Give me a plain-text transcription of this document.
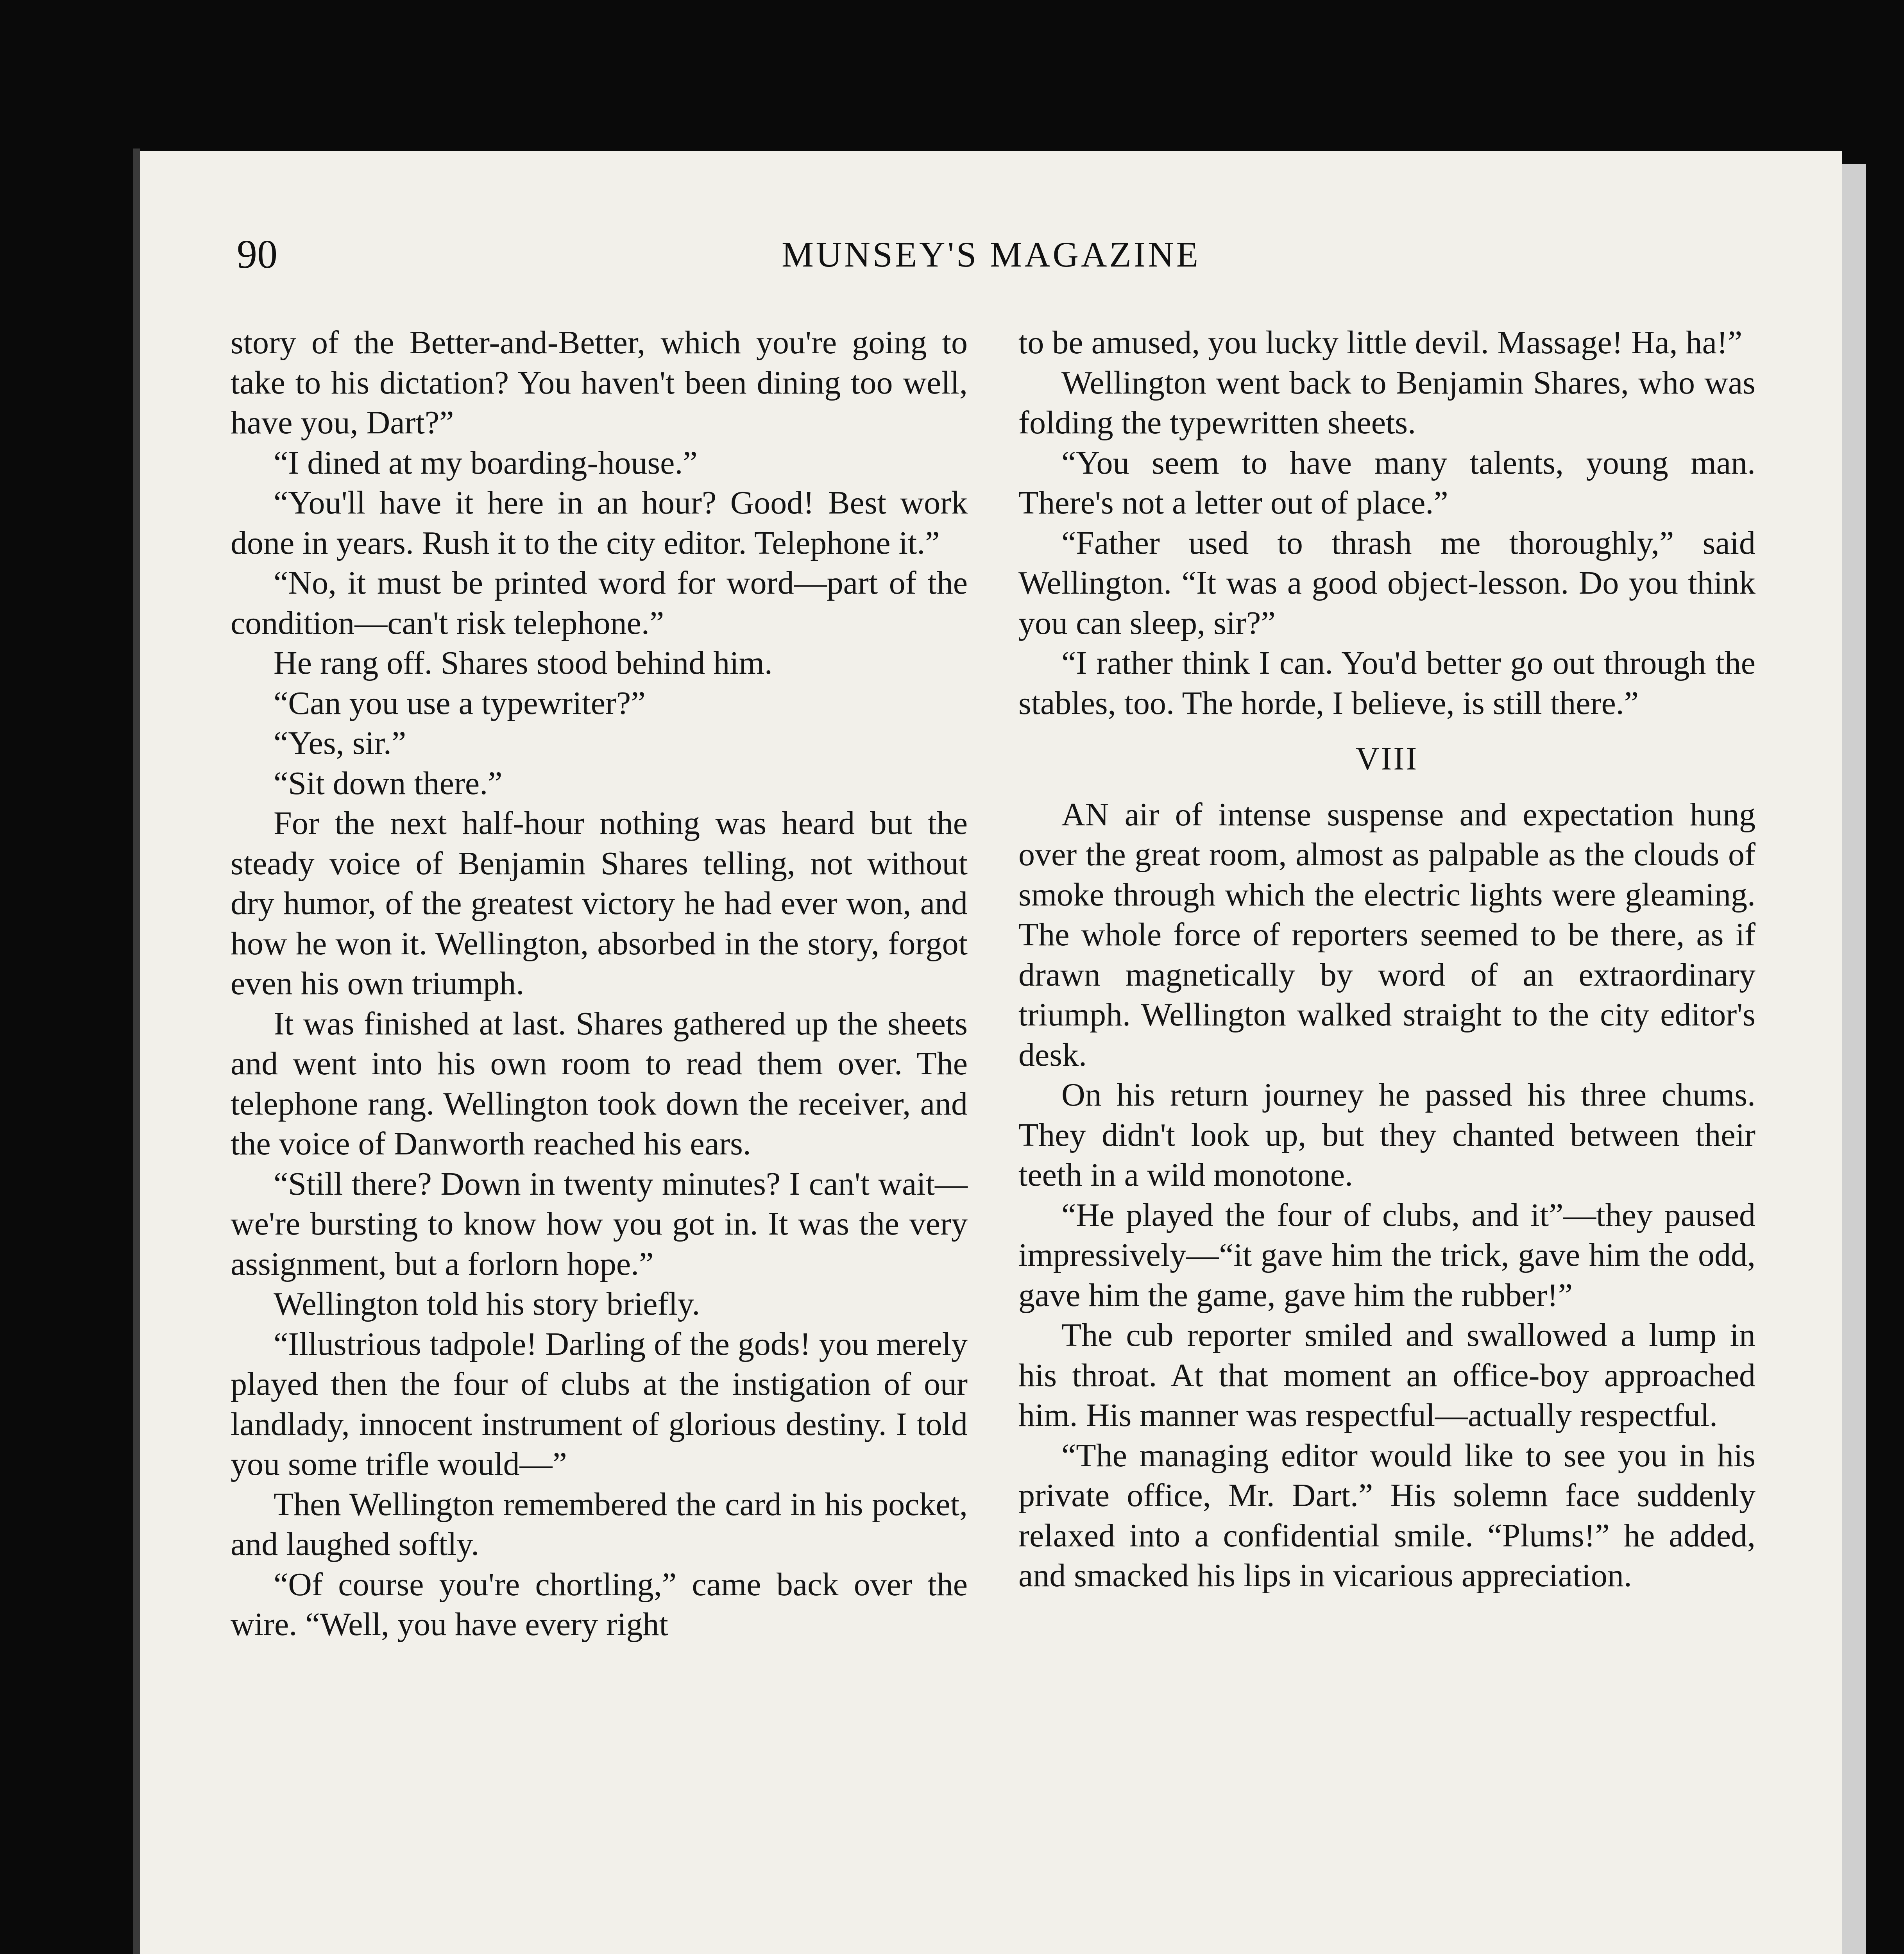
90	MUNSEY'S MAGAZINE

story of the Better-and-Better, which you're going to take to his dictation? You haven't been dining too well, have you, Dart?”

“I dined at my boarding-house.”

“You'll have it here in an hour? Good! Best work done in years. Rush it to the city editor. Telephone it.”

“No, it must be printed word for word—part of the condition—can't risk telephone.”

He rang off. Shares stood behind him.

“Can you use a typewriter?”

“Yes, sir.”

“Sit down there.”

For the next half-hour nothing was heard but the steady voice of Benjamin Shares telling, not without dry humor, of the greatest victory he had ever won, and how he won it. Wellington, absorbed in the story, forgot even his own triumph.

It was finished at last. Shares gathered up the sheets and went into his own room to read them over. The telephone rang. Wellington took down the receiver, and the voice of Danworth reached his ears.

“Still there? Down in twenty minutes? I can't wait—we're bursting to know how you got in. It was the very assignment, but a forlorn hope.”

Wellington told his story briefly.

“Illustrious tadpole! Darling of the gods! you merely played then the four of clubs at the instigation of our landlady, innocent instrument of glorious destiny. I told you some trifle would—”

Then Wellington remembered the card in his pocket, and laughed softly.

“Of course you're chortling,” came back over the wire. “Well, you have every right

to be amused, you lucky little devil. Massage! Ha, ha!”

Wellington went back to Benjamin Shares, who was folding the typewritten sheets.

“You seem to have many talents, young man. There's not a letter out of place.”

“Father used to thrash me thoroughly,” said Wellington. “It was a good object-lesson. Do you think you can sleep, sir?”

“I rather think I can. You'd better go out through the stables, too. The horde, I believe, is still there.”

VIII

AN air of intense suspense and expectation hung over the great room, almost as palpable as the clouds of smoke through which the electric lights were gleaming. The whole force of reporters seemed to be there, as if drawn magnetically by word of an extraordinary triumph. Wellington walked straight to the city editor's desk.

On his return journey he passed his three chums. They didn't look up, but they chanted between their teeth in a wild monotone.

“He played the four of clubs, and it”—they paused impressively—“it gave him the trick, gave him the odd, gave him the game, gave him the rubber!”

The cub reporter smiled and swallowed a lump in his throat. At that moment an office-boy approached him. His manner was respectful—actually respectful.

“The managing editor would like to see you in his private office, Mr. Dart.” His solemn face suddenly relaxed into a confidential smile. “Plums!” he added, and smacked his lips in vicarious appreciation.
